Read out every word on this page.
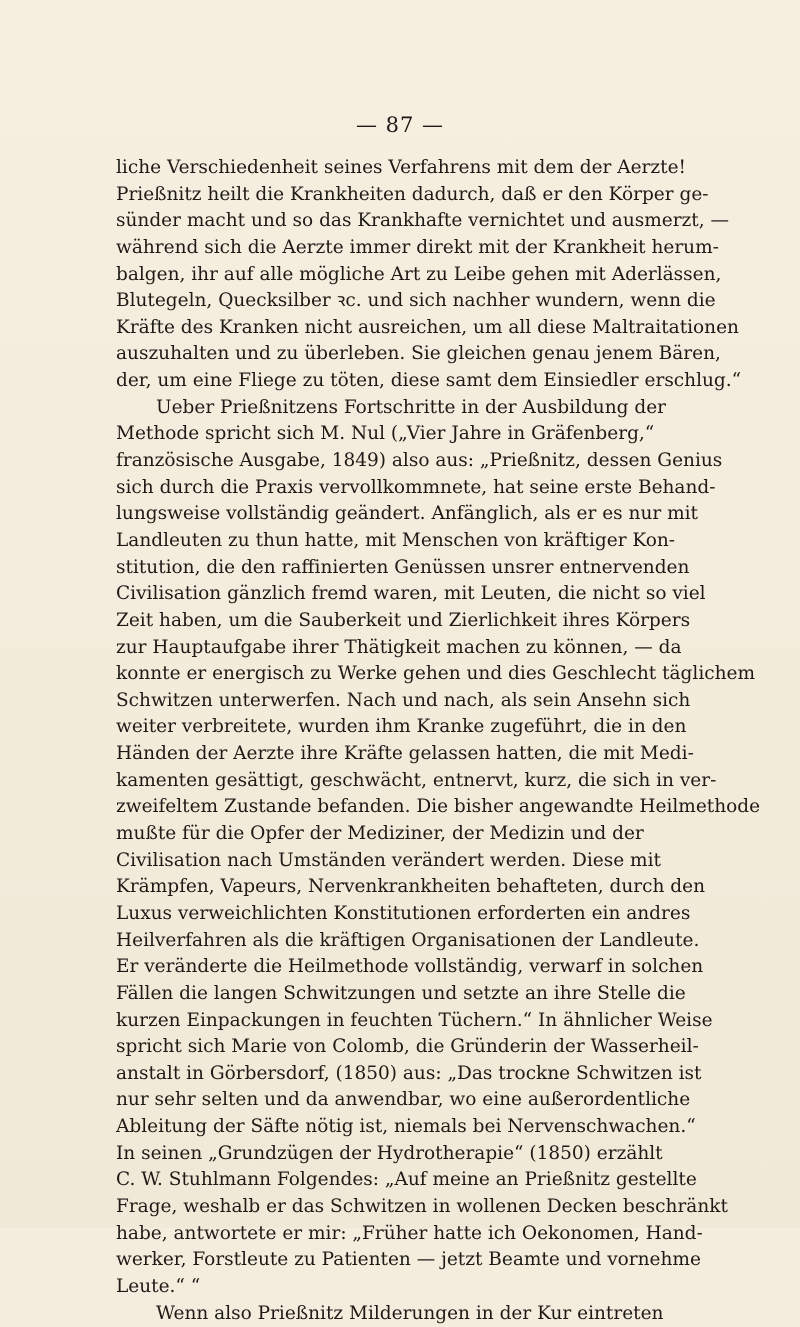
— 87 —
liche Verschiedenheit seines Verfahrens mit dem der Aerzte!
Prießnitz heilt die Krankheiten dadurch, daß er den Körper ge-
sünder macht und so das Krankhafte vernichtet und ausmerzt, —
während sich die Aerzte immer direkt mit der Krankheit herum-
balgen, ihr auf alle mögliche Art zu Leibe gehen mit Aderlässen,
Blutegeln, Quecksilber ꝛc. und sich nachher wundern, wenn die
Kräfte des Kranken nicht ausreichen, um all diese Maltraitationen
auszuhalten und zu überleben. Sie gleichen genau jenem Bären,
der, um eine Fliege zu töten, diese samt dem Einsiedler erschlug.“
Ueber Prießnitzens Fortschritte in der Ausbildung der
Methode spricht sich M. Nul („Vier Jahre in Gräfenberg,“
französische Ausgabe, 1849) also aus: „Prießnitz, dessen Genius
sich durch die Praxis vervollkommnete, hat seine erste Behand-
lungsweise vollständig geändert. Anfänglich, als er es nur mit
Landleuten zu thun hatte, mit Menschen von kräftiger Kon-
stitution, die den raffinierten Genüssen unsrer entnervenden
Civilisation gänzlich fremd waren, mit Leuten, die nicht so viel
Zeit haben, um die Sauberkeit und Zierlichkeit ihres Körpers
zur Hauptaufgabe ihrer Thätigkeit machen zu können, — da
konnte er energisch zu Werke gehen und dies Geschlecht täglichem
Schwitzen unterwerfen. Nach und nach, als sein Ansehn sich
weiter verbreitete, wurden ihm Kranke zugeführt, die in den
Händen der Aerzte ihre Kräfte gelassen hatten, die mit Medi-
kamenten gesättigt, geschwächt, entnervt, kurz, die sich in ver-
zweifeltem Zustande befanden. Die bisher angewandte Heilmethode
mußte für die Opfer der Mediziner, der Medizin und der
Civilisation nach Umständen verändert werden. Diese mit
Krämpfen, Vapeurs, Nervenkrankheiten behafteten, durch den
Luxus verweichlichten Konstitutionen erforderten ein andres
Heilverfahren als die kräftigen Organisationen der Landleute.
Er veränderte die Heilmethode vollständig, verwarf in solchen
Fällen die langen Schwitzungen und setzte an ihre Stelle die
kurzen Einpackungen in feuchten Tüchern.“ In ähnlicher Weise
spricht sich Marie von Colomb, die Gründerin der Wasserheil-
anstalt in Görbersdorf, (1850) aus: „Das trockne Schwitzen ist
nur sehr selten und da anwendbar, wo eine außerordentliche
Ableitung der Säfte nötig ist, niemals bei Nervenschwachen.“
In seinen „Grundzügen der Hydrotherapie“ (1850) erzählt
C. W. Stuhlmann Folgendes: „Auf meine an Prießnitz gestellte
Frage, weshalb er das Schwitzen in wollenen Decken beschränkt
habe, antwortete er mir: „Früher hatte ich Oekonomen, Hand-
werker, Forstleute zu Patienten — jetzt Beamte und vornehme
Leute.“ “
Wenn also Prießnitz Milderungen in der Kur eintreten
